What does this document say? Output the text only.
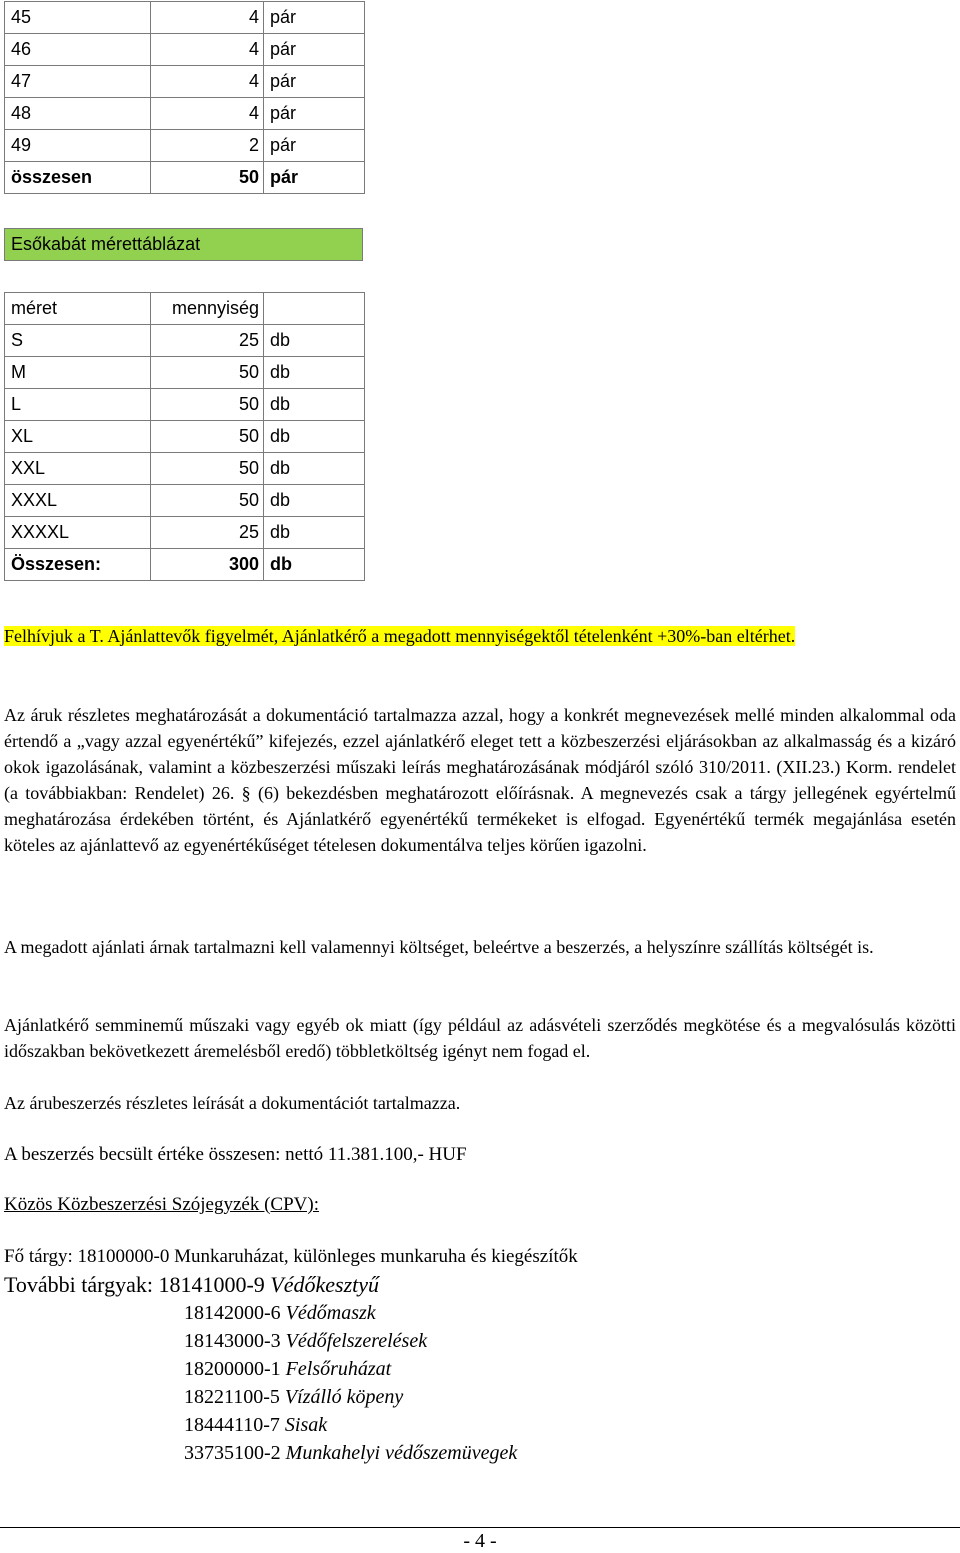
45	4	pár
46	4	pár
47	4	pár
48	4	pár
49	2	pár
összesen	50	pár
Esőkabát mérettáblázat
méret	mennyiség	
S	25	db
M	50	db
L	50	db
XL	50	db
XXL	50	db
XXXL	50	db
XXXXL	25	db
Összesen:	300	db
Felhívjuk a T. Ajánlattevők figyelmét, Ajánlatkérő a megadott mennyiségektől tételenként +30%-ban eltérhet.

Az áruk részletes meghatározását a dokumentáció tartalmazza azzal, hogy a konkrét megnevezések mellé minden alkalommal oda értendő a „vagy azzal egyenértékű” kifejezés, ezzel ajánlatkérő eleget tett a közbeszerzési eljárásokban az alkalmasság és a kizáró okok igazolásának, valamint a közbeszerzési műszaki leírás meghatározásának módjáról szóló 310/2011. (XII.23.) Korm. rendelet (a továbbiakban: Rendelet) 26. § (6) bekezdésben meghatározott előírásnak. A megnevezés csak a tárgy jellegének egyértelmű meghatározása érdekében történt, és Ajánlatkérő egyenértékű termékeket is elfogad. Egyenértékű termék megajánlása esetén köteles az ajánlattevő az egyenértékűséget tételesen dokumentálva teljes körűen igazolni.

A megadott ajánlati árnak tartalmazni kell valamennyi költséget, beleértve a beszerzés, a helyszínre szállítás költségét is.

Ajánlatkérő semminemű műszaki vagy egyéb ok miatt (így például az adásvételi szerződés megkötése és a megvalósulás közötti időszakban bekövetkezett áremelésből eredő) többletköltség igényt nem fogad el.

Az árubeszerzés részletes leírását a dokumentációt tartalmazza.

A beszerzés becsült értéke összesen: nettó 11.381.100,- HUF

Közös Közbeszerzési Szójegyzék (CPV):
Fő tárgy: 18100000-0 Munkaruházat, különleges munkaruha és kiegészítők
További tárgyak: 18141000-9 Védőkesztyű
18142000-6 Védőmaszk
18143000-3 Védőfelszerelések
18200000-1 Felsőruházat
18221100-5 Vízálló köpeny
18444110-7 Sisak
33735100-2 Munkahelyi védőszemüvegek
- 4 -
